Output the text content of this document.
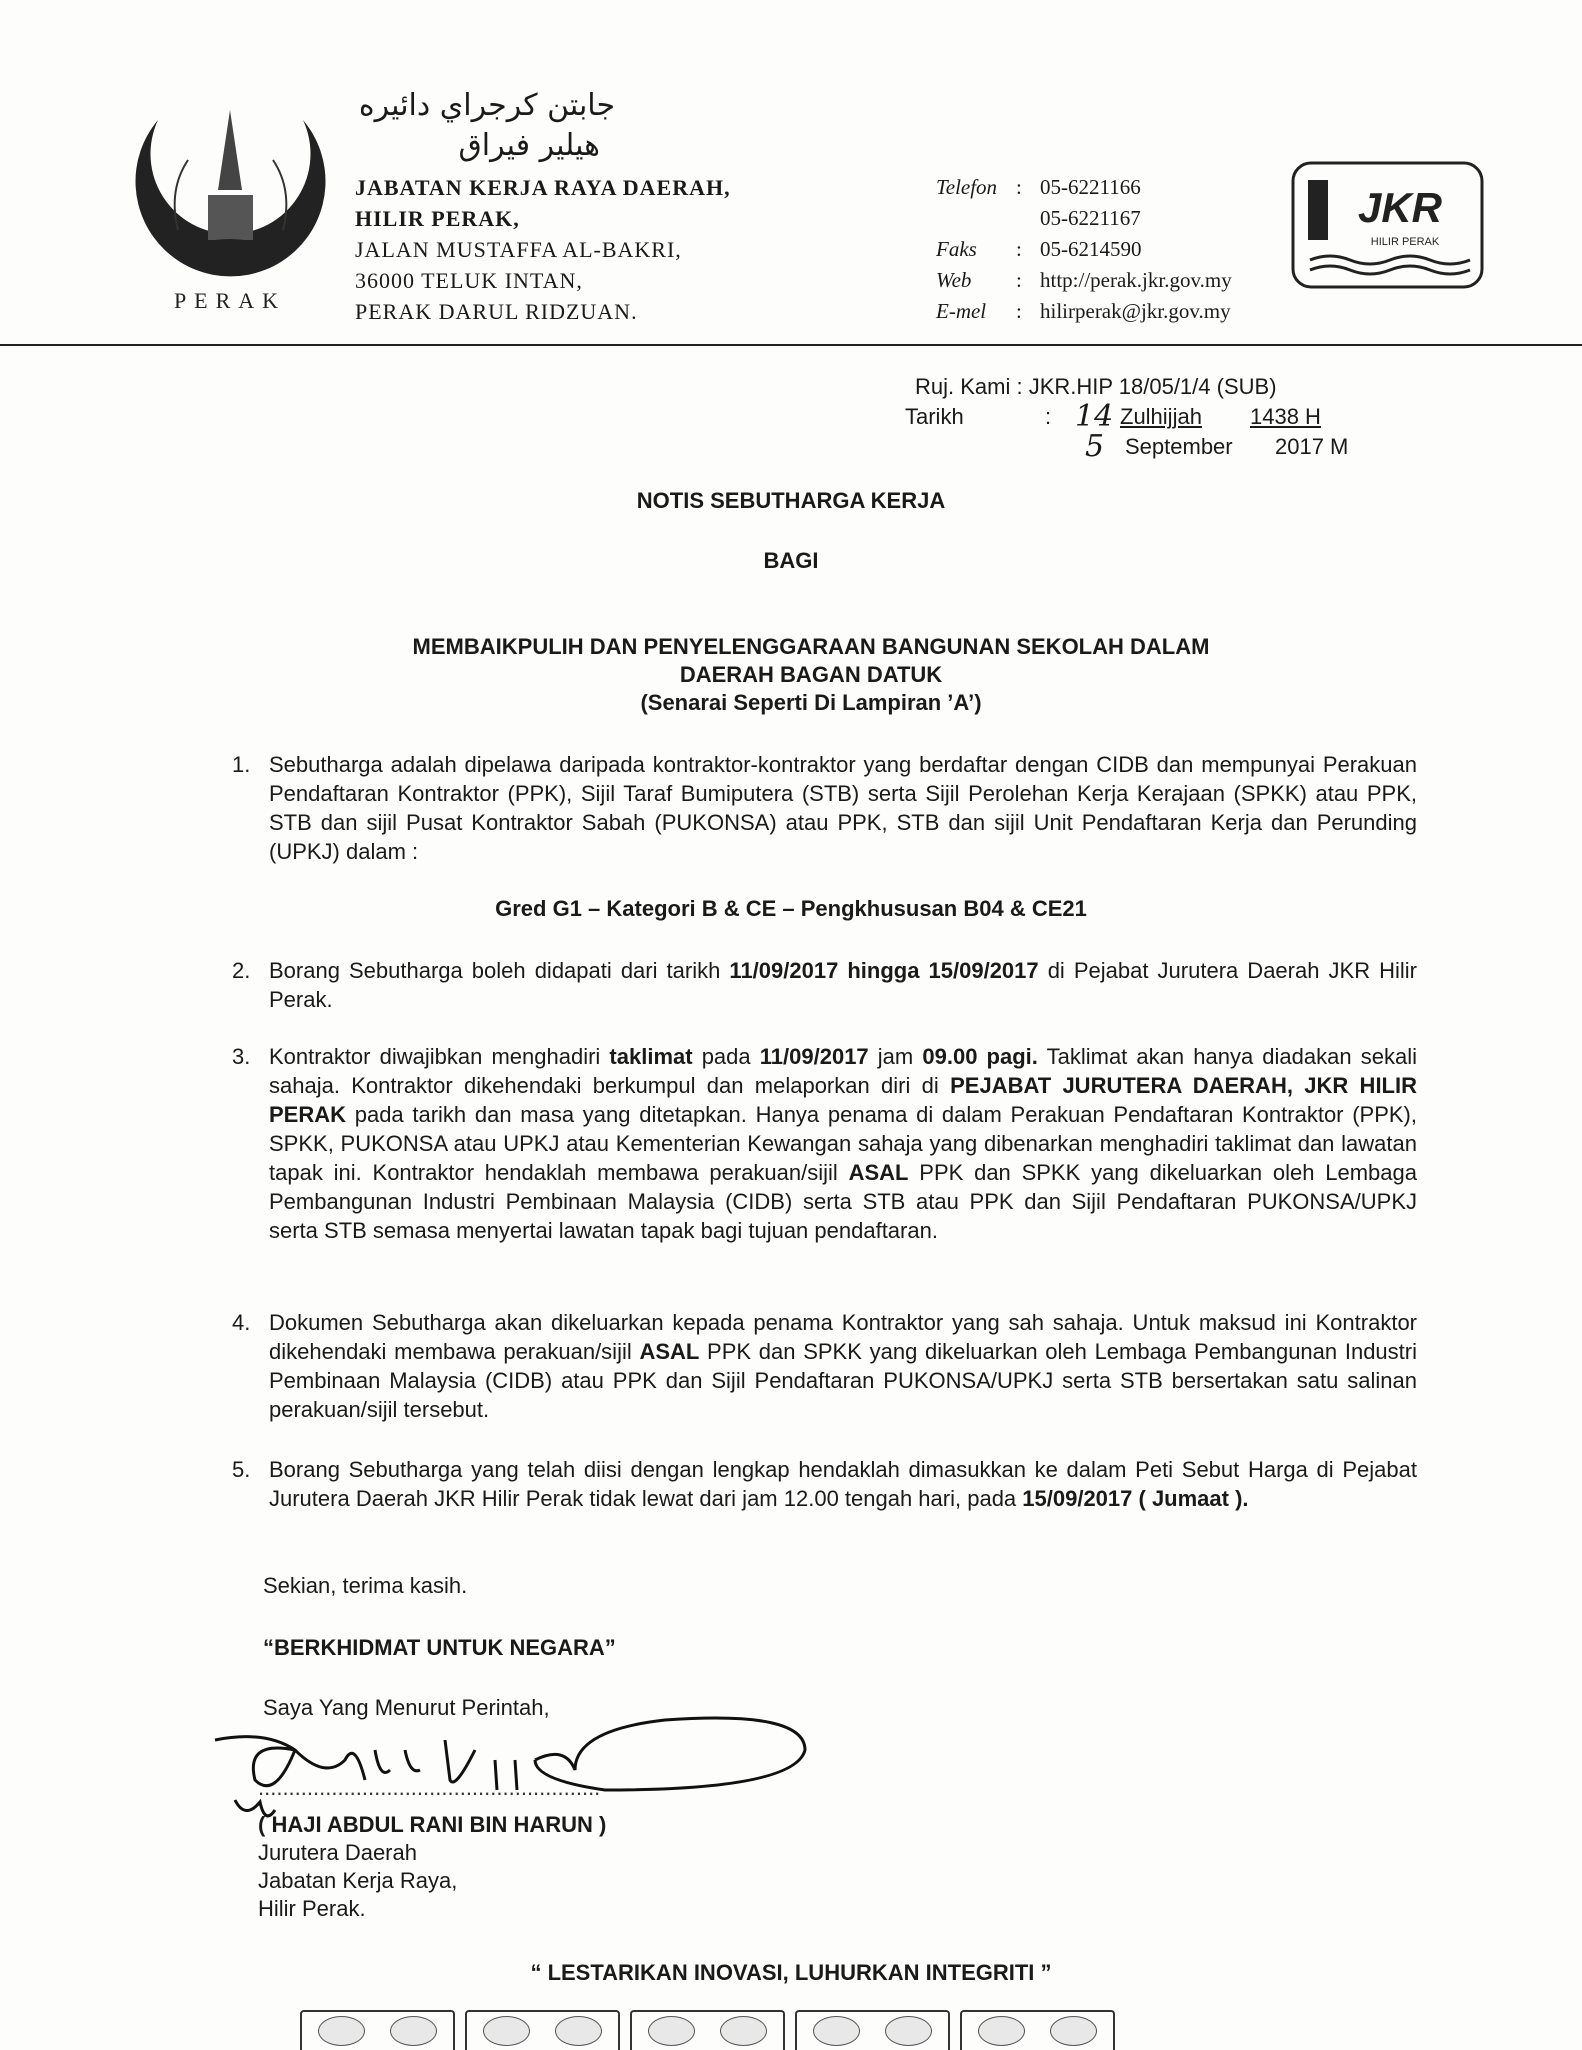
PERAK
جابتن كرجراي دائيره
هيلير فيراق
JABATAN KERJA RAYA DAERAH,
HILIR PERAK,
JALAN MUSTAFFA AL-BAKRI,
36000 TELUK INTAN,
PERAK DARUL RIDZUAN.
Telefon : 05-6221166
05-6221167
Faks	: 05-6214590
Web	: http://perak.jkr.gov.my
E-mel	: hilirperak@jkr.gov.my
JKR
HILIR PERAK
Ruj. Kami : JKR.HIP 18/05/1/4 (SUB)
Tarikh	: 14 Zulhijjah	1438 H
5 September	2017 M
NOTIS SEBUTHARGA KERJA
BAGI
MEMBAIKPULIH DAN PENYELENGGARAAN BANGUNAN SEKOLAH DALAM
DAERAH BAGAN DATUK
(Senarai Seperti Di Lampiran ’A’)
1. Sebutharga adalah dipelawa daripada kontraktor-kontraktor yang berdaftar dengan CIDB dan mempunyai Perakuan Pendaftaran Kontraktor (PPK), Sijil Taraf Bumiputera (STB) serta Sijil Perolehan Kerja Kerajaan (SPKK) atau PPK, STB dan sijil Pusat Kontraktor Sabah (PUKONSA) atau PPK, STB dan sijil Unit Pendaftaran Kerja dan Perunding (UPKJ) dalam :
Gred G1 – Kategori B & CE – Pengkhususan B04 & CE21
2. Borang Sebutharga boleh didapati dari tarikh 11/09/2017 hingga 15/09/2017 di Pejabat Jurutera Daerah JKR Hilir Perak.
3. Kontraktor diwajibkan menghadiri taklimat pada 11/09/2017 jam 09.00 pagi. Taklimat akan hanya diadakan sekali sahaja. Kontraktor dikehendaki berkumpul dan melaporkan diri di PEJABAT JURUTERA DAERAH, JKR HILIR PERAK pada tarikh dan masa yang ditetapkan. Hanya penama di dalam Perakuan Pendaftaran Kontraktor (PPK), SPKK, PUKONSA atau UPKJ atau Kementerian Kewangan sahaja yang dibenarkan menghadiri taklimat dan lawatan tapak ini. Kontraktor hendaklah membawa perakuan/sijil ASAL PPK dan SPKK yang dikeluarkan oleh Lembaga Pembangunan Industri Pembinaan Malaysia (CIDB) serta STB atau PPK dan Sijil Pendaftaran PUKONSA/UPKJ serta STB semasa menyertai lawatan tapak bagi tujuan pendaftaran.
4. Dokumen Sebutharga akan dikeluarkan kepada penama Kontraktor yang sah sahaja. Untuk maksud ini Kontraktor dikehendaki membawa perakuan/sijil ASAL PPK dan SPKK yang dikeluarkan oleh Lembaga Pembangunan Industri Pembinaan Malaysia (CIDB) atau PPK dan Sijil Pendaftaran PUKONSA/UPKJ serta STB bersertakan satu salinan perakuan/sijil tersebut.
5. Borang Sebutharga yang telah diisi dengan lengkap hendaklah dimasukkan ke dalam Peti Sebut Harga di Pejabat Jurutera Daerah JKR Hilir Perak tidak lewat dari jam 12.00 tengah hari, pada 15/09/2017 ( Jumaat ).
Sekian, terima kasih.
“BERKHIDMAT UNTUK NEGARA”
Saya Yang Menurut Perintah,
........................................................
( HAJI ABDUL RANI BIN HARUN )
Jurutera Daerah
Jabatan Kerja Raya,
Hilir Perak.
“ LESTARIKAN INOVASI, LUHURKAN INTEGRITI ”
